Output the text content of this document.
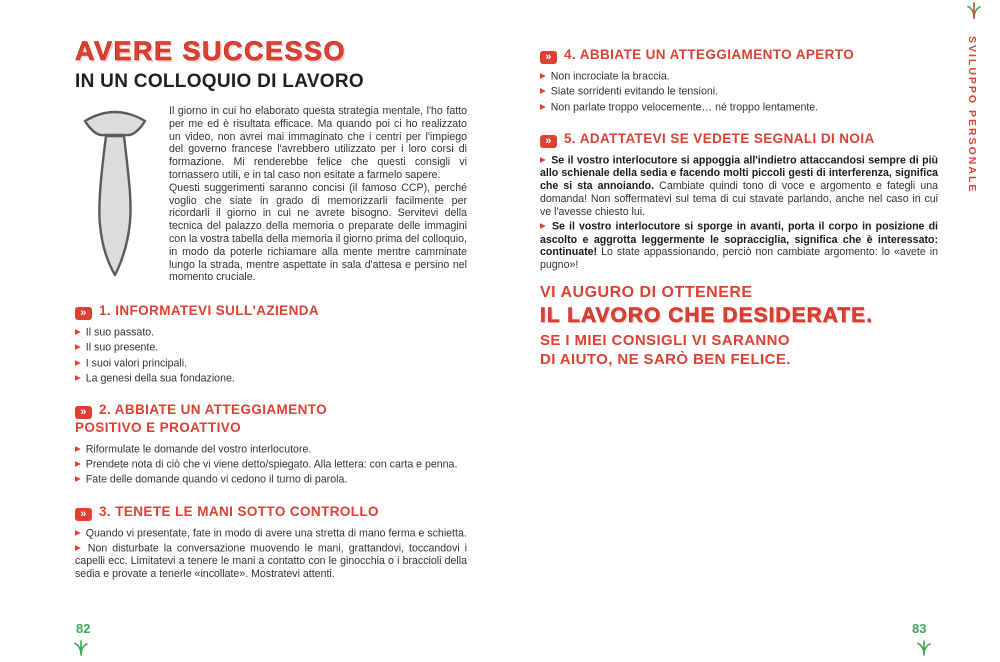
AVERE SUCCESSO
IN UN COLLOQUIO DI LAVORO

Il giorno in cui ho elaborato questa strategia mentale, l'ho fatto per me ed è risultata efficace. Ma quando poi ci ho realizzato un video, non avrei mai immaginato che i centri per l'impiego del governo francese l'avrebbero utilizzato per i loro corsi di formazione. Mi renderebbe felice che questi consigli vi tornassero utili, e in tal caso non esitate a farmelo sapere.

Questi suggerimenti saranno concisi (il famoso CCP), perché voglio che siate in grado di memorizzarli facilmente per ricordarli il giorno in cui ne avrete bisogno. Servitevi della tecnica del palazzo della memoria o preparate delle immagini con la vostra tabella della memoria il giorno prima del colloquio, in modo da poterle richiamare alla mente mentre camminate lungo la strada, mentre aspettate in sala d'attesa e persino nel momento cruciale.

» 1. INFORMATEVI SULL'AZIENDA

▶ Il suo passato.

▶ Il suo presente.

▶ I suoi valori principali.

▶ La genesi della sua fondazione.

» 2. ABBIATE UN ATTEGGIAMENTO POSITIVO E PROATTIVO

▶ Riformulate le domande del vostro interlocutore.

▶ Prendete nota di ciò che vi viene detto/spiegato. Alla lettera: con carta e penna.

▶ Fate delle domande quando vi cedono il turno di parola.

» 3. TENETE LE MANI SOTTO CONTROLLO

▶ Quando vi presentate, fate in modo di avere una stretta di mano ferma e schietta.

▶ Non disturbate la conversazione muovendo le mani, grattandovi, toccandovi i capelli ecc. Limitatevi a tenere le mani a contatto con le ginocchia o i braccioli della sedia e provate a tenerle «incollate». Mostratevi attenti.

» 4. ABBIATE UN ATTEGGIAMENTO APERTO

▶ Non incrociate la braccia.

▶ Siate sorridenti evitando le tensioni.

▶ Non parlate troppo velocemente… né troppo lentamente.

» 5. ADATTATEVI SE VEDETE SEGNALI DI NOIA

▶ Se il vostro interlocutore si appoggia all'indietro attaccandosi sempre di più allo schienale della sedia e facendo molti piccoli gesti di interferenza, significa che si sta annoiando. Cambiate quindi tono di voce e argomento e fategli una domanda! Non soffermatevi sul tema di cui stavate parlando, anche nel caso in cui ve l'avesse chiesto lui.

▶ Se il vostro interlocutore si sporge in avanti, porta il corpo in posizione di ascolto e aggrotta leggermente le sopracciglia, significa che è interessato: continuate! Lo state appassionando, perciò non cambiate argomento: lo «avete in pugno»!

VI AUGURO DI OTTENERE

IL LAVORO CHE DESIDERATE.

SE I MIEI CONSIGLI VI SARANNO

DI AIUTO, NE SARÒ BEN FELICE.

SVILUPPO PERSONALE
82	83
